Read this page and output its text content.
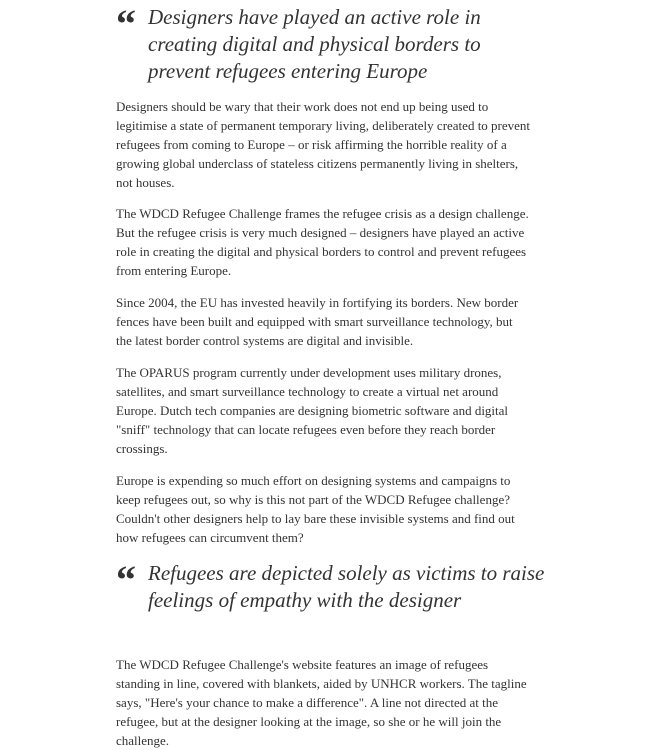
“ Designers have played an active role in creating digital and physical borders to prevent refugees entering Europe

Designers should be wary that their work does not end up being used to legitimise a state of permanent temporary living, deliberately created to prevent refugees from coming to Europe – or risk affirming the horrible reality of a growing global underclass of stateless citizens permanently living in shelters, not houses.

The WDCD Refugee Challenge frames the refugee crisis as a design challenge. But the refugee crisis is very much designed – designers have played an active role in creating the digital and physical borders to control and prevent refugees from entering Europe.

Since 2004, the EU has invested heavily in fortifying its borders. New border fences have been built and equipped with smart surveillance technology, but the latest border control systems are digital and invisible.

The OPARUS program currently under development uses military drones, satellites, and smart surveillance technology to create a virtual net around Europe. Dutch tech companies are designing biometric software and digital "sniff" technology that can locate refugees even before they reach border crossings.

Europe is expending so much effort on designing systems and campaigns to keep refugees out, so why is this not part of the WDCD Refugee challenge? Couldn't other designers help to lay bare these invisible systems and find out how refugees can circumvent them?

“ Refugees are depicted solely as victims to raise feelings of empathy with the designer

The WDCD Refugee Challenge's website features an image of refugees standing in line, covered with blankets, aided by UNHCR workers. The tagline says, "Here's your chance to make a difference". A line not directed at the refugee, but at the designer looking at the image, so she or he will join the challenge.
